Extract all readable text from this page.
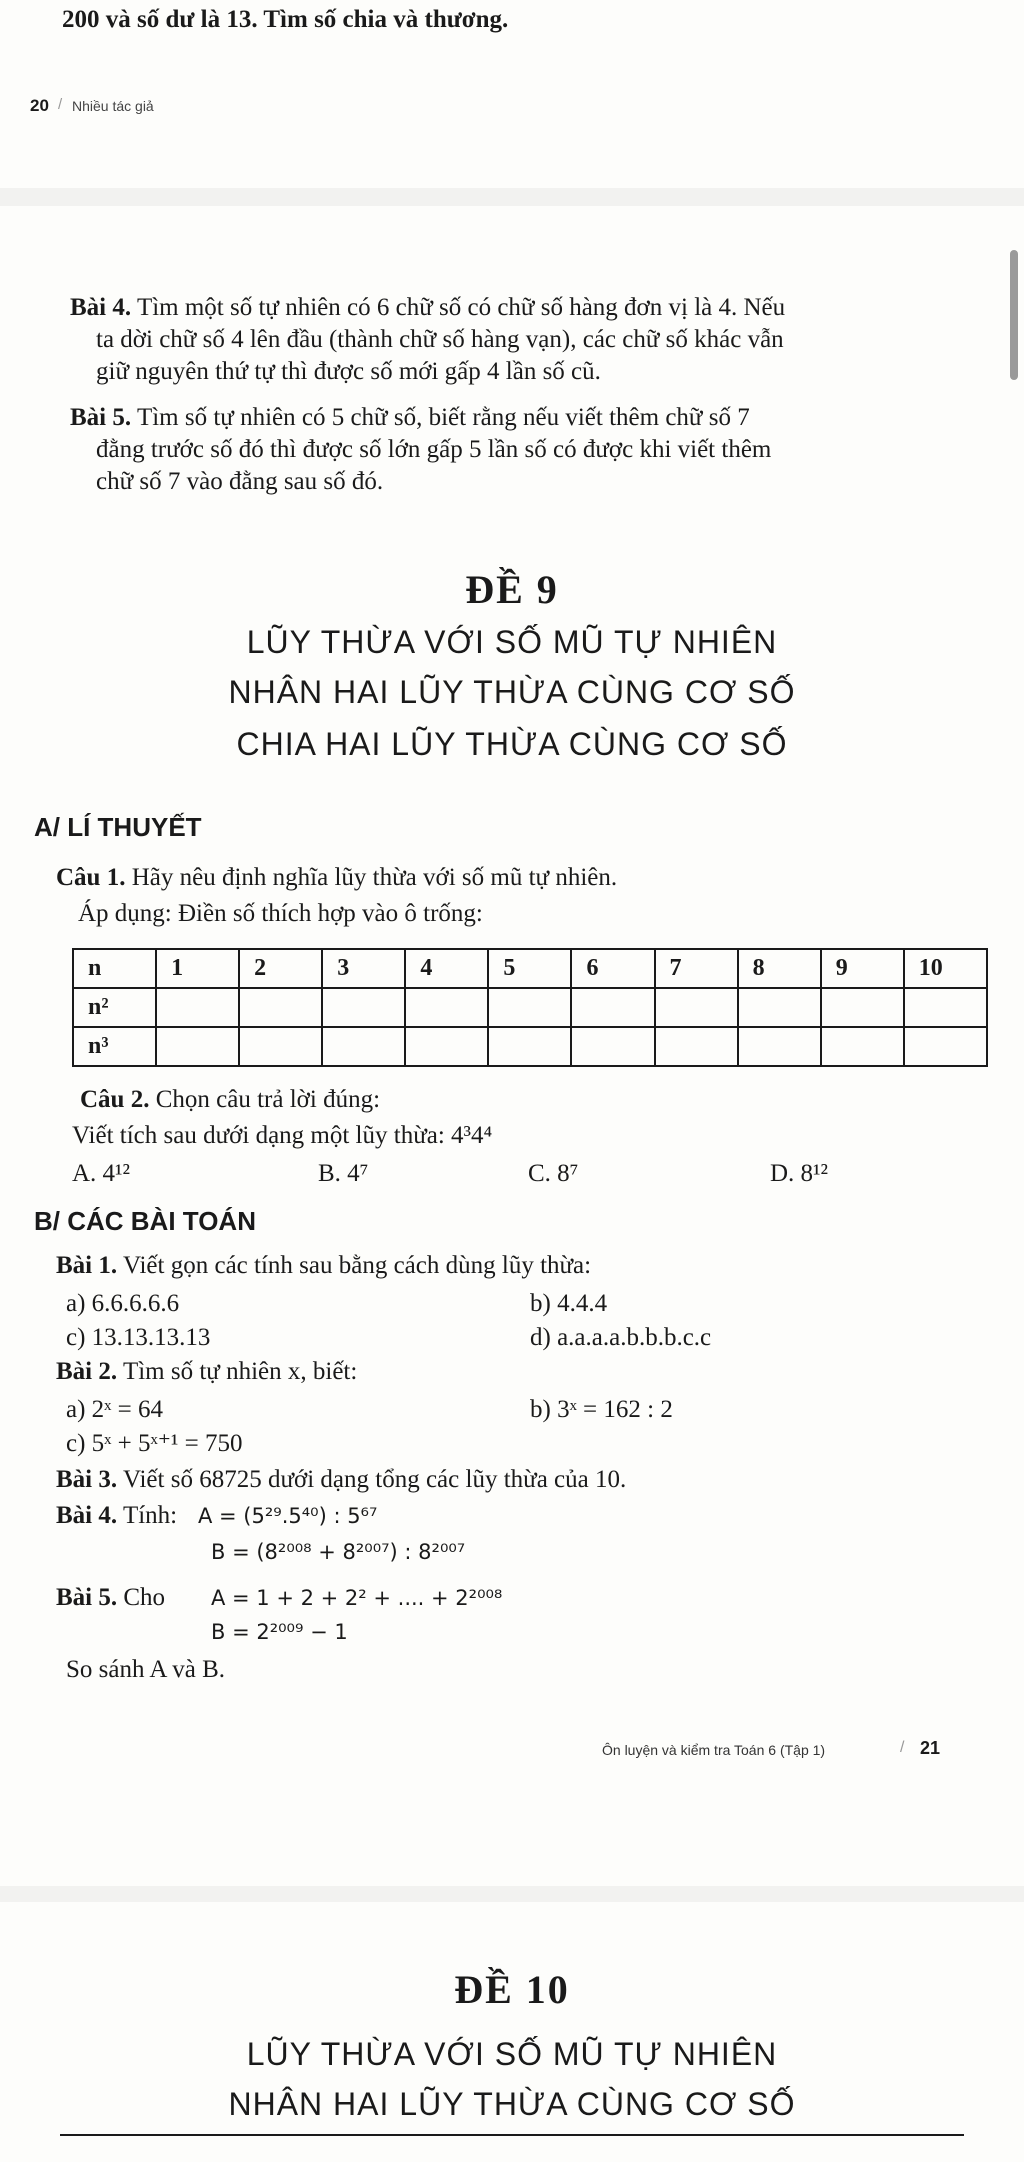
200 và số dư là 13. Tìm số chia và thương.
20 / Nhiều tác giả
Bài 4. Tìm một số tự nhiên có 6 chữ số có chữ số hàng đơn vị là 4. Nếu
ta dời chữ số 4 lên đầu (thành chữ số hàng vạn), các chữ số khác vẫn
giữ nguyên thứ tự thì được số mới gấp 4 lần số cũ.
Bài 5. Tìm số tự nhiên có 5 chữ số, biết rằng nếu viết thêm chữ số 7
đằng trước số đó thì được số lớn gấp 5 lần số có được khi viết thêm
chữ số 7 vào đằng sau số đó.
ĐỀ 9
LŨY THỪA VỚI SỐ MŨ TỰ NHIÊN
NHÂN HAI LŨY THỪA CÙNG CƠ SỐ
CHIA HAI LŨY THỪA CÙNG CƠ SỐ
A/ LÍ THUYẾT
Câu 1. Hãy nêu định nghĩa lũy thừa với số mũ tự nhiên.
Áp dụng: Điền số thích hợp vào ô trống:
n	1	2	3	4	5	6	7	8	9	10
n²										
n³										
Câu 2. Chọn câu trả lời đúng:
Viết tích sau dưới dạng một lũy thừa: 4³4⁴
A. 4¹²	B. 4⁷	C. 8⁷	D. 8¹²
B/ CÁC BÀI TOÁN
Bài 1. Viết gọn các tính sau bằng cách dùng lũy thừa:
a) 6.6.6.6.6	b) 4.4.4
c) 13.13.13.13	d) a.a.a.a.b.b.b.c.c
Bài 2. Tìm số tự nhiên x, biết:
a) 2ˣ = 64	b) 3ˣ = 162 : 2
c) 5ˣ + 5ˣ⁺¹ = 750
Bài 3. Viết số 68725 dưới dạng tổng các lũy thừa của 10.
Bài 4. Tính: A = (5²⁹.5⁴⁰) : 5⁶⁷
B = (8²⁰⁰⁸ + 8²⁰⁰⁷) : 8²⁰⁰⁷
Bài 5. Cho A = 1 + 2 + 2² + .... + 2²⁰⁰⁸
B = 2²⁰⁰⁹ − 1
So sánh A và B.
Ôn luyện và kiểm tra Toán 6 (Tập 1)	/ 21
ĐỀ 10
LŨY THỪA VỚI SỐ MŨ TỰ NHIÊN
NHÂN HAI LŨY THỪA CÙNG CƠ SỐ
